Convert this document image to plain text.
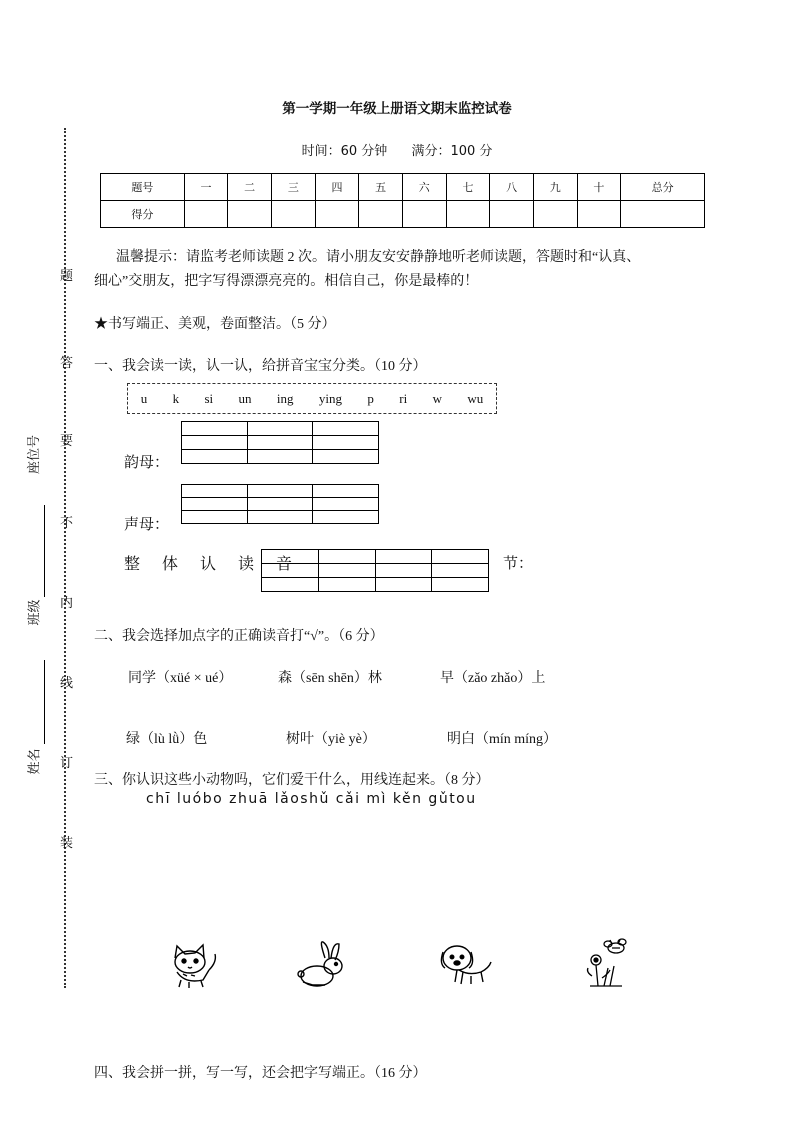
题
答
要
不
内
线
订
装
座位号
班级
姓名
第一学期一年级上册语文期末监控试卷
时间：60 分钟 满分：100 分
题号	一	二	三	四	五	六	七	八	九	十	总分
得分											
温馨提示：请监考老师读题 2 次。请小朋友安安静静地听老师读题，答题时和“认真、
细心”交朋友，把字写得漂漂亮亮的。相信自己，你是最棒的！
★书写端正、美观，卷面整洁。（5 分）
一、我会读一读，认一认，给拼音宝宝分类。（10 分）
u k si un ing ying p ri w wu

韵母：

声母：
整 体 认 读 音

				节：
二、我会选择加点字的正确读音打“√”。（6 分）
同学（xüé × ué）	森（sēn shēn）林	早（zǎo zhǎo）上
绿（lù lǜ）色	树叶（yiè yè）	明白（mín míng）
三、你认识这些小动物吗，它们爱干什么，用线连起来。（8 分）
chī luóbo zhuā lǎoshǔ cǎi mì kěn gǔtou
四、我会拼一拼，写一写，还会把字写端正。（16 分）
